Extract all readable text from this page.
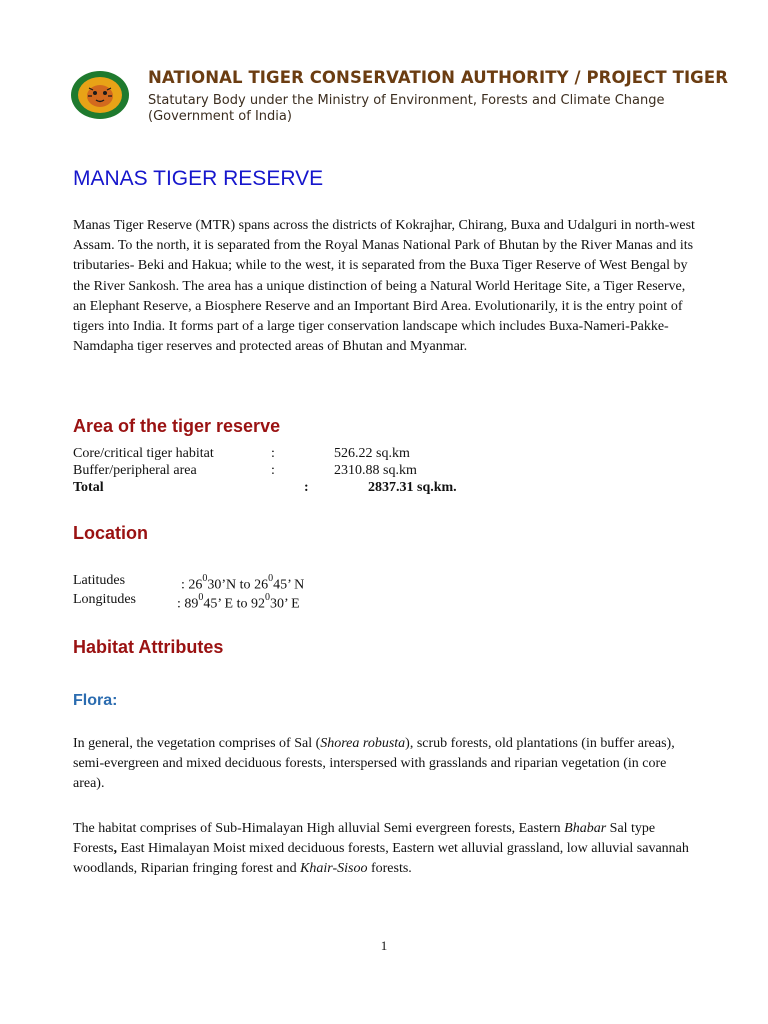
NATIONAL TIGER CONSERVATION AUTHORITY / PROJECT TIGER
Statutary Body under the Ministry of Environment, Forests and Climate Change
(Government of India)
MANAS TIGER RESERVE

Manas Tiger Reserve (MTR) spans across the districts of Kokrajhar, Chirang, Buxa and Udalguri in north-west Assam. To the north, it is separated from the Royal Manas National Park of Bhutan by the River Manas and its tributaries- Beki and Hakua; while to the west, it is separated from the Buxa Tiger Reserve of West Bengal by the River Sankosh. The area has a unique distinction of being a Natural World Heritage Site, a Tiger Reserve, an Elephant Reserve, a Biosphere Reserve and an Important Bird Area. Evolutionarily, it is the entry point of tigers into India. It forms part of a large tiger conservation landscape which includes Buxa-Nameri-Pakke-Namdapha tiger reserves and protected areas of Bhutan and Myanmar.

Area of the tiger reserve
Core/critical tiger habitat	:	526.22 sq.km
Buffer/peripheral area	:	2310.88 sq.km
Total	:	2837.31 sq.km.
Location
Latitudes	: $26^030’N$ to $26^045$’ N
Longitudes	: $89^045$’ E to $92^030$’ E
Habitat Attributes
Flora:

In general, the vegetation comprises of Sal (Shorea robusta), scrub forests, old plantations (in buffer areas), semi-evergreen and mixed deciduous forests, interspersed with grasslands and riparian vegetation (in core area).

The habitat comprises of Sub-Himalayan High alluvial Semi evergreen forests, Eastern Bhabar Sal type Forests, East Himalayan Moist mixed deciduous forests, Eastern wet alluvial grassland, low alluvial savannah woodlands, Riparian fringing forest and Khair-Sisoo forests.

1
